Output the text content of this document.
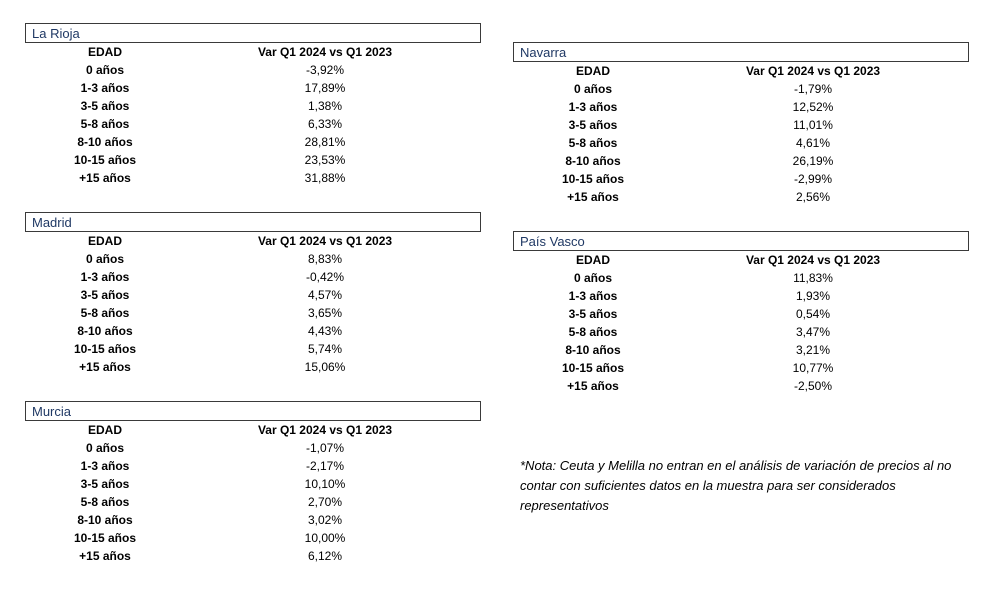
La Rioja
EDAD	Var Q1 2024 vs Q1 2023
0 años	-3,92%
1-3 años	17,89%
3-5 años	1,38%
5-8 años	6,33%
8-10 años	28,81%
10-15 años	23,53%
+15 años	31,88%
Madrid
EDAD	Var Q1 2024 vs Q1 2023
0 años	8,83%
1-3 años	-0,42%
3-5 años	4,57%
5-8 años	3,65%
8-10 años	4,43%
10-15 años	5,74%
+15 años	15,06%
Murcia
EDAD	Var Q1 2024 vs Q1 2023
0 años	-1,07%
1-3 años	-2,17%
3-5 años	10,10%
5-8 años	2,70%
8-10 años	3,02%
10-15 años	10,00%
+15 años	6,12%
Navarra
EDAD	Var Q1 2024 vs Q1 2023
0 años	-1,79%
1-3 años	12,52%
3-5 años	11,01%
5-8 años	4,61%
8-10 años	26,19%
10-15 años	-2,99%
+15 años	2,56%
País Vasco
EDAD	Var Q1 2024 vs Q1 2023
0 años	11,83%
1-3 años	1,93%
3-5 años	0,54%
5-8 años	3,47%
8-10 años	3,21%
10-15 años	10,77%
+15 años	-2,50%
*Nota: Ceuta y Melilla no entran en el análisis de variación de precios al no contar con suficientes datos en la muestra para ser considerados representativos
